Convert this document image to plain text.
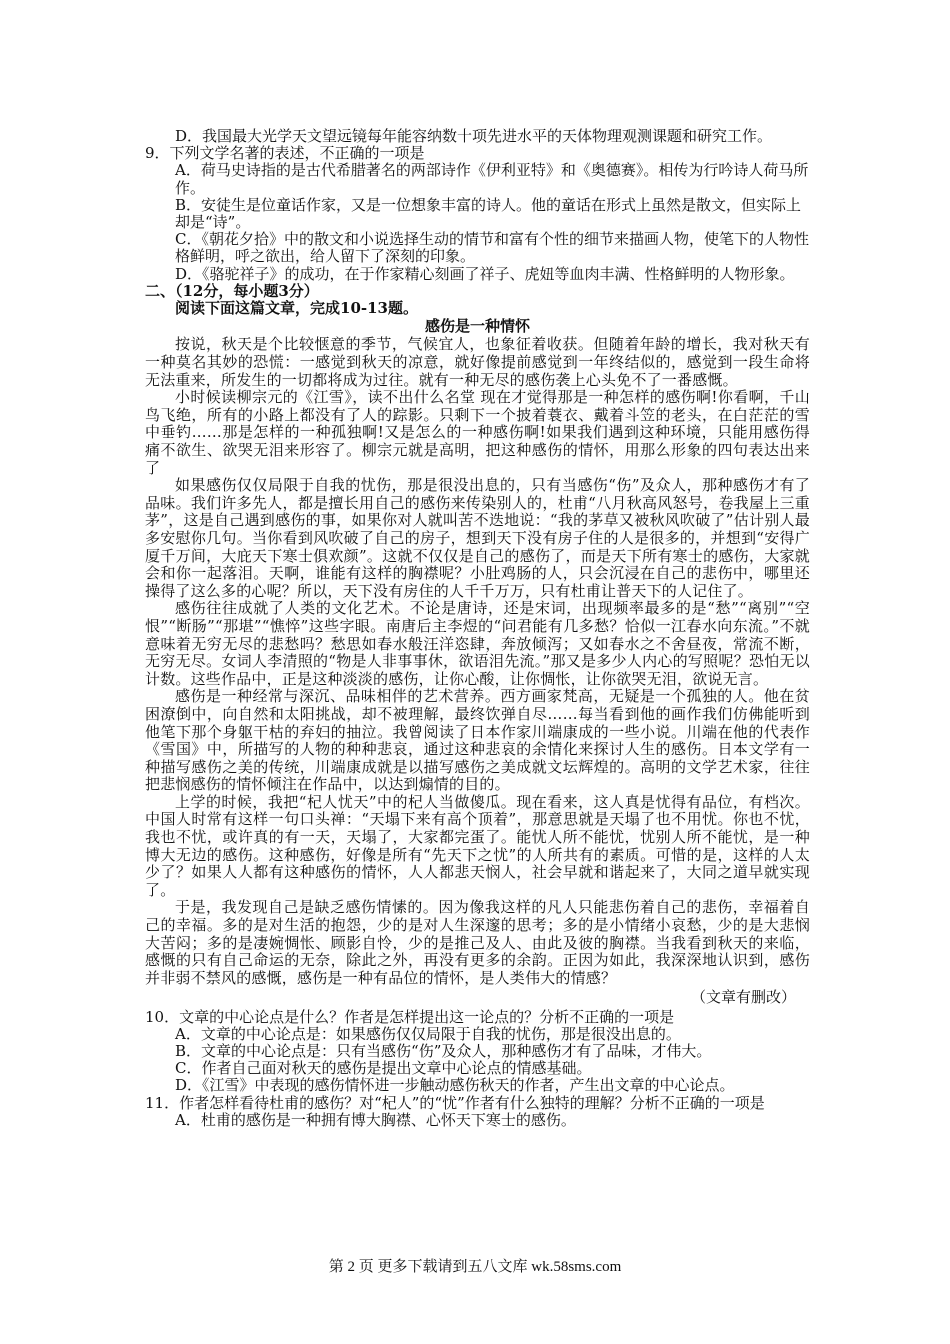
D．我国最大光学天文望远镜每年能容纳数十项先进水平的天体物理观测课题和研究工作。

9．下列文学名著的表述，不正确的一项是

A．荷马史诗指的是古代希腊著名的两部诗作《伊利亚特》和《奥德赛》。相传为行吟诗人荷马所作。

B．安徒生是位童话作家，又是一位想象丰富的诗人。他的童话在形式上虽然是散文，但实际上却是“诗”。

C．《朝花夕拾》中的散文和小说选择生动的情节和富有个性的细节来描画人物，使笔下的人物性格鲜明，呼之欲出，给人留下了深刻的印象。

D．《骆驼祥子》的成功，在于作家精心刻画了祥子、虎妞等血肉丰满、性格鲜明的人物形象。

二、（12分，每小题3分）

阅读下面这篇文章，完成10-13题。

感伤是一种情怀

按说，秋天是个比较惬意的季节，气候宜人，也象征着收获。但随着年龄的增长，我对秋天有一种莫名其妙的恐慌：一感觉到秋天的凉意，就好像提前感觉到一年终结似的，感觉到一段生命将无法重来，所发生的一切都将成为过往。就有一种无尽的感伤袭上心头免不了一番感慨。

小时候读柳宗元的《江雪》，读不出什么名堂 现在才觉得那是一种怎样的感伤啊!你看啊，千山鸟飞绝，所有的小路上都没有了人的踪影。只剩下一个披着蓑衣、戴着斗笠的老头，在白茫茫的雪中垂钓……那是怎样的一种孤独啊!又是怎么的一种感伤啊!如果我们遇到这种环境，只能用感伤得痛不欲生、欲哭无泪来形容了。柳宗元就是高明，把这种感伤的情怀，用那么形象的四句表达出来了

如果感伤仅仅局限于自我的忧伤，那是很没出息的，只有当感伤“伤”及众人，那种感伤才有了品味。我们许多先人，都是擅长用自己的感伤来传染别人的，杜甫“八月秋高风怒号，卷我屋上三重茅”，这是自己遇到感伤的事，如果你对人就叫苦不迭地说：“我的茅草又被秋风吹破了”估计别人最多安慰你几句。当你看到风吹破了自己的房子，想到天下没有房子住的人是很多的，并想到“安得广厦千万间，大庇天下寒士俱欢颜”。这就不仅仅是自己的感伤了，而是天下所有寒士的感伤，大家就会和你一起落泪。天啊，谁能有这样的胸襟呢？小肚鸡肠的人，只会沉浸在自己的悲伤中，哪里还操得了这么多的心呢？所以，天下没有房住的人千千万万，只有杜甫让普天下的人记住了。

感伤往往成就了人类的文化艺术。不论是唐诗，还是宋词，出现频率最多的是“愁”“离别”“空恨”“断肠”“那堪”“憔悴”这些字眼。南唐后主李煜的“问君能有几多愁？恰似一江春水向东流。”不就意味着无穷无尽的悲愁吗？愁思如春水般汪洋恣肆，奔放倾泻；又如春水之不舍昼夜，常流不断，无穷无尽。女词人李清照的“物是人非事事休，欲语泪先流。”那又是多少人内心的写照呢？恐怕无以计数。这些作品中，正是这种淡淡的感伤，让你心酸，让你惆怅，让你欲哭无泪，欲说无言。

感伤是一种经常与深沉、品味相伴的艺术营养。西方画家梵高，无疑是一个孤独的人。他在贫困潦倒中，向自然和太阳挑战，却不被理解，最终饮弹自尽……每当看到他的画作我们仿佛能听到他笔下那个身躯干枯的弃妇的抽泣。我曾阅读了日本作家川端康成的一些小说。川端在他的代表作《雪国》中，所描写的人物的种种悲哀，通过这种悲哀的余情化来探讨人生的感伤。日本文学有一种描写感伤之美的传统，川端康成就是以描写感伤之美成就文坛辉煌的。高明的文学艺术家，往往把悲悯感伤的情怀倾注在作品中，以达到煽情的目的。

上学的时候，我把“杞人忧天”中的杞人当做傻瓜。现在看来，这人真是忧得有品位，有档次。中国人时常有这样一句口头禅：“天塌下来有高个顶着”，那意思就是天塌了也不用忧。你也不忧，我也不忧，或许真的有一天，天塌了，大家都完蛋了。能忧人所不能忧，忧别人所不能忧，是一种博大无边的感伤。这种感伤，好像是所有“先天下之忧”的人所共有的素质。可惜的是，这样的人太少了？如果人人都有这种感伤的情怀，人人都悲天悯人，社会早就和谐起来了，大同之道早就实现了。

于是，我发现自己是缺乏感伤情愫的。因为像我这样的凡人只能悲伤着自己的悲伤，幸福着自己的幸福。多的是对生活的抱怨，少的是对人生深邃的思考；多的是小情绪小哀愁，少的是大悲悯大苦闷；多的是凄婉惆怅、顾影自怜，少的是推己及人、由此及彼的胸襟。当我看到秋天的来临，感慨的只有自己命运的无奈，除此之外，再没有更多的余韵。正因为如此，我深深地认识到，感伤并非弱不禁风的感慨，感伤是一种有品位的情怀，是人类伟大的情感？

（文章有删改）

10．文章的中心论点是什么？作者是怎样提出这一论点的？分析不正确的一项是

A．文章的中心论点是：如果感伤仅仅局限于自我的忧伤，那是很没出息的。

B．文章的中心论点是：只有当感伤“伤”及众人，那种感伤才有了品味，才伟大。

C．作者自己面对秋天的感伤是提出文章中心论点的情感基础。

D．《江雪》中表现的感伤情怀进一步触动感伤秋天的作者，产生出文章的中心论点。

11．作者怎样看待杜甫的感伤？对“杞人”的“忧”作者有什么独特的理解？分析不正确的一项是

A．杜甫的感伤是一种拥有博大胸襟、心怀天下寒士的感伤。

第 2 页 更多下载请到五八文库 wk.58sms.com
